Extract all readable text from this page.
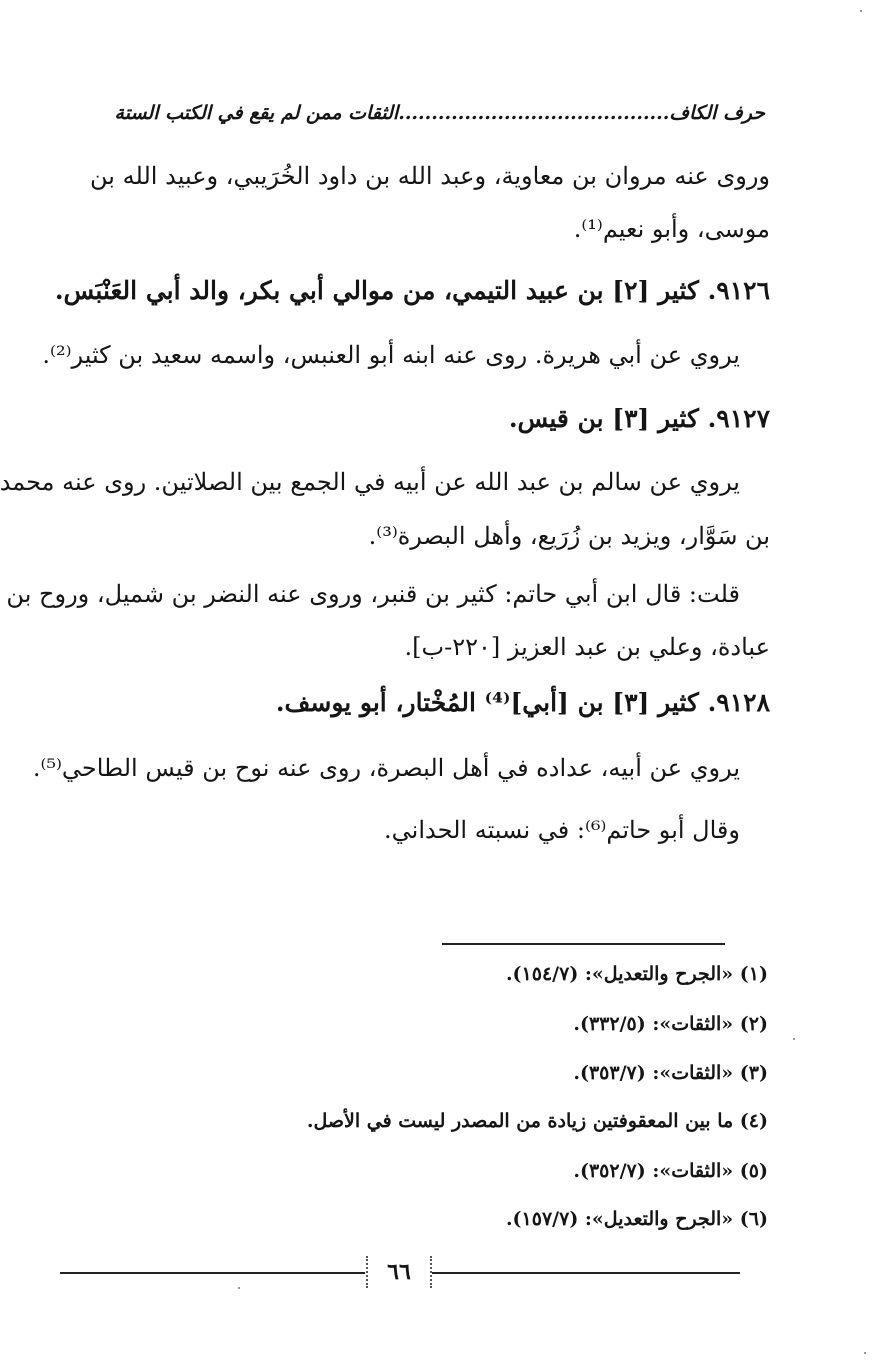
حرف الكاف.........................................الثقات ممن لم يقع في الكتب الستة
وروى عنه مروان بن معاوية، وعبد الله بن داود الخُرَيبي، وعبيد الله بن
موسى، وأبو نعيم⁽¹⁾.
٩١٢٦. كثير [٢] بن عبيد التيمي، من موالي أبي بكر، والد أبي العَنْبَس.
يروي عن أبي هريرة. روى عنه ابنه أبو العنبس، واسمه سعيد بن كثير⁽²⁾.
٩١٢٧. كثير [٣] بن قيس.
يروي عن سالم بن عبد الله عن أبيه في الجمع بين الصلاتين. روى عنه محمد
بن سَوَّار، ويزيد بن زُرَيع، وأهل البصرة⁽³⁾.
قلت: قال ابن أبي حاتم: كثير بن قنبر، وروى عنه النضر بن شميل، وروح بن
عبادة، وعلي بن عبد العزيز [٢٢٠-ب].
٩١٢٨. كثير [٣] بن [أبي]⁽⁴⁾ المُخْتار، أبو يوسف.
يروي عن أبيه، عداده في أهل البصرة، روى عنه نوح بن قيس الطاحي⁽⁵⁾.
وقال أبو حاتم⁽⁶⁾: في نسبته الحداني.
(١) «الجرح والتعديل»: (١٥٤/٧).
(٢) «الثقات»: (٣٣٢/٥).
(٣) «الثقات»: (٣٥٣/٧).
(٤) ما بين المعقوفتين زيادة من المصدر ليست في الأصل.
(٥) «الثقات»: (٣٥٢/٧).
(٦) «الجرح والتعديل»: (١٥٧/٧).
٦٦
